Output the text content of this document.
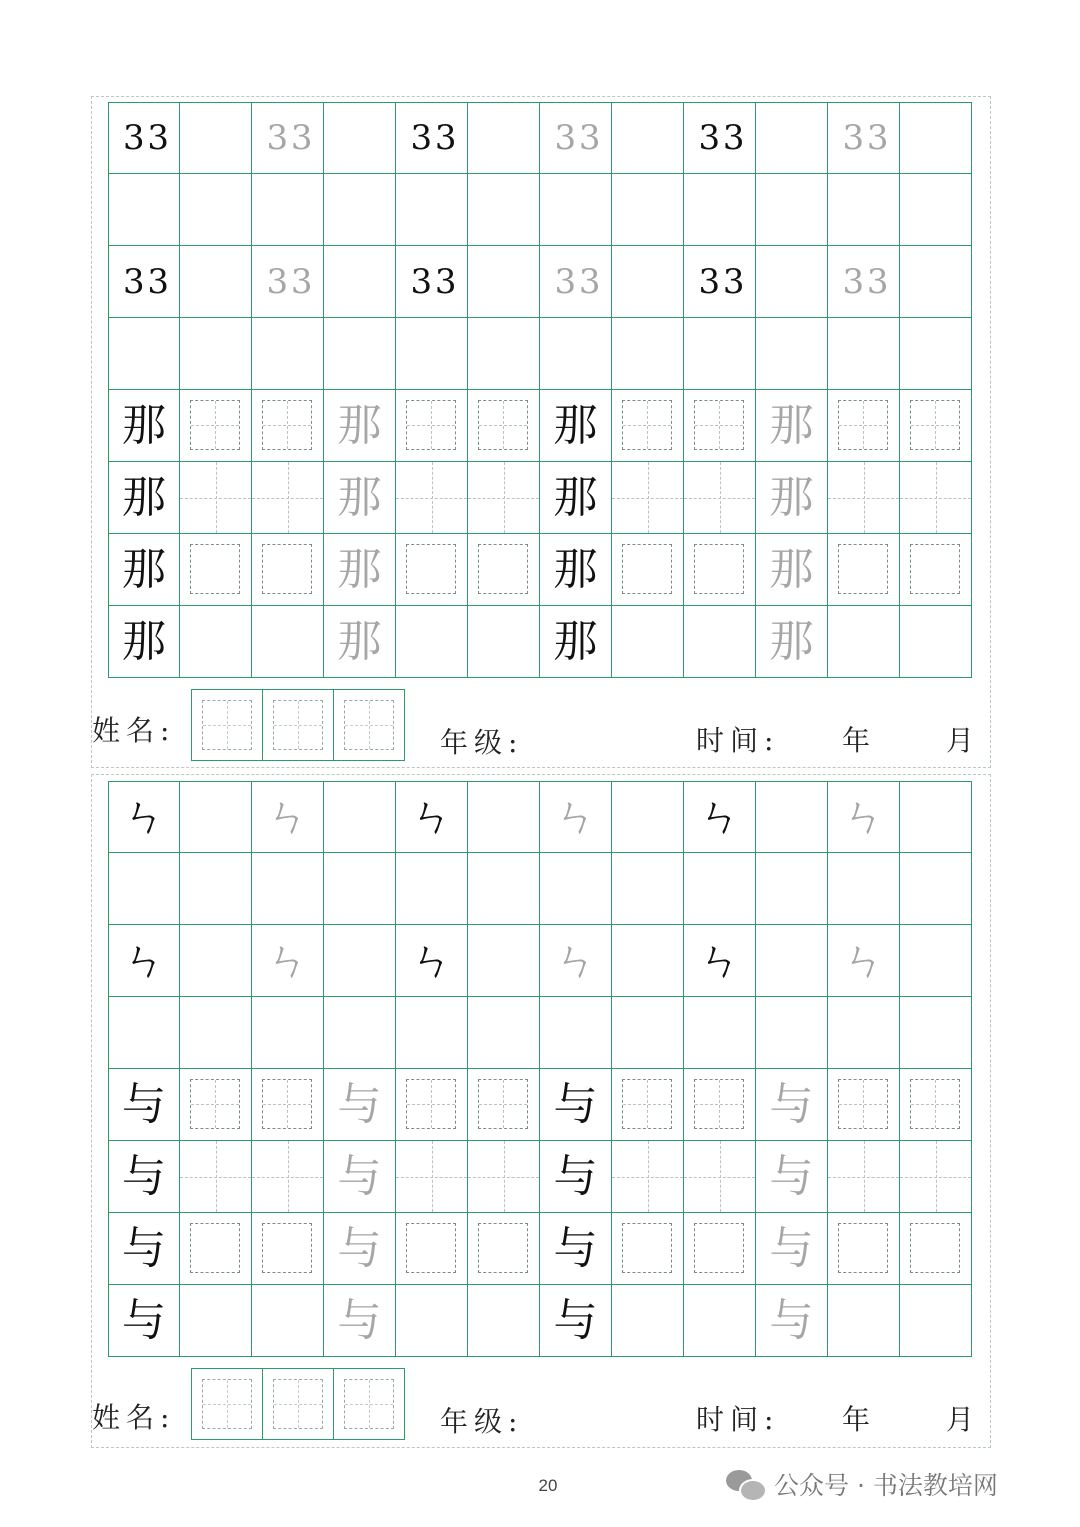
3 3	3 3	3 3	3 3	3 3	3 3
3 3	3 3	3 3	3 3	3 3	3 3
那	那	那	那
那	那	那	那
那	那	那	那
那	那	那	那
ㄣ ㄣ ㄣ ㄣ ㄣ ㄣ
ㄣ ㄣ ㄣ ㄣ ㄣ ㄣ
与	与	与	与
与	与	与	与
与	与	与	与
与	与	与	与
姓名:	年级:	时间: 年 月
姓名:	年级:	时间: 年 月
20	公众号 · 书法教培网
